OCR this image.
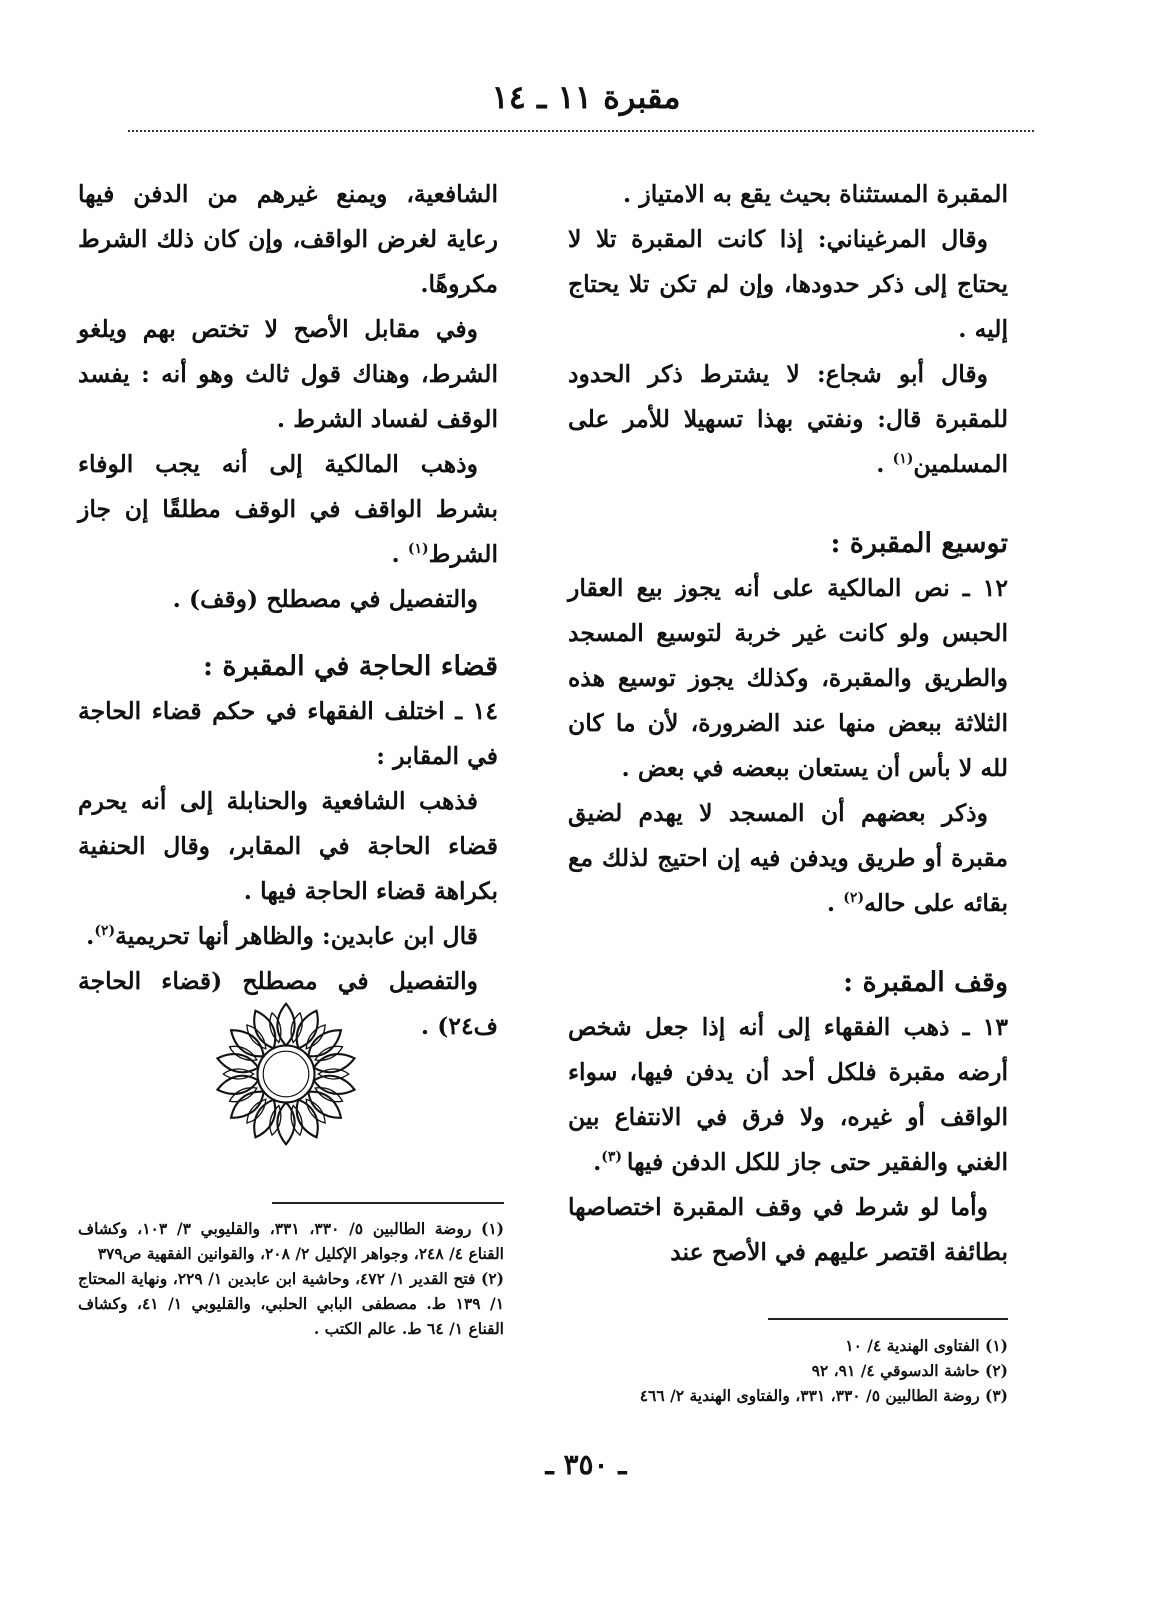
مقبرة ١١ ـ ١٤

المقبرة المستثناة بحيث يقع به الامتياز .

وقال المرغيناني: إذا كانت المقبرة تلا لا يحتاج إلى ذكر حدودها، وإن لم تكن تلا يحتاج إليه .

وقال أبو شجاع: لا يشترط ذكر الحدود للمقبرة قال: ونفتي بهذا تسهيلا للأمر على المسلمين$^{(١)}$ .

توسيع المقبرة :

١٢ ـ نص المالكية على أنه يجوز بيع العقار الحبس ولو كانت غير خربة لتوسيع المسجد والطريق والمقبرة، وكذلك يجوز توسيع هذه الثلاثة ببعض منها عند الضرورة، لأن ما كان لله لا بأس أن يستعان ببعضه في بعض .

وذكر بعضهم أن المسجد لا يهدم لضيق مقبرة أو طريق ويدفن فيه إن احتيج لذلك مع بقائه على حاله$^{(٢)}$ .

وقف المقبرة :

١٣ ـ ذهب الفقهاء إلى أنه إذا جعل شخص أرضه مقبرة فلكل أحد أن يدفن فيها، سواء الواقف أو غيره، ولا فرق في الانتفاع بين الغني والفقير حتى جاز للكل الدفن فيها $^{(٣)}$.

وأما لو شرط في وقف المقبرة اختصاصها بطائفة اقتصر عليهم في الأصح عند

الشافعية، ويمنع غيرهم من الدفن فيها رعاية لغرض الواقف، وإن كان ذلك الشرط مكروهًا.

وفي مقابل الأصح لا تختص بهم ويلغو الشرط، وهناك قول ثالث وهو أنه : يفسد الوقف لفساد الشرط .

وذهب المالكية إلى أنه يجب الوفاء بشرط الواقف في الوقف مطلقًا إن جاز الشرط$^{(١)}$ .

والتفصيل في مصطلح (وقف) .

قضاء الحاجة في المقبرة :

١٤ ـ اختلف الفقهاء في حكم قضاء الحاجة في المقابر :

فذهب الشافعية والحنابلة إلى أنه يحرم قضاء الحاجة في المقابر، وقال الحنفية بكراهة قضاء الحاجة فيها .

قال ابن عابدين: والظاهر أنها تحريمية$^{(٢)}$.

والتفصيل في مصطلح (قضاء الحاجة ف٢٤) .

(١) الفتاوى الهندية ٤/ ١٠

(٢) حاشة الدسوقي ٤/ ٩١، ٩٢

(٣) روضة الطالبين ٥/ ٣٣٠، ٣٣١، والفتاوى الهندية ٢/ ٤٦٦

(١) روضة الطالبين ٥/ ٣٣٠، ٣٣١، والقليوبي ٣/ ١٠٣، وكشاف القناع ٤/ ٢٤٨، وجواهر الإكليل ٢/ ٢٠٨، والقوانين الفقهية ص٣٧٩

(٢) فتح القدير ١/ ٤٧٢، وحاشية ابن عابدين ١/ ٢٢٩، ونهاية المحتاج ١/ ١٣٩ ط. مصطفى البابي الحلبي، والقليوبي ١/ ٤١، وكشاف القناع ١/ ٦٤ ط. عالم الكتب .

ـ ٣٥٠ ـ
